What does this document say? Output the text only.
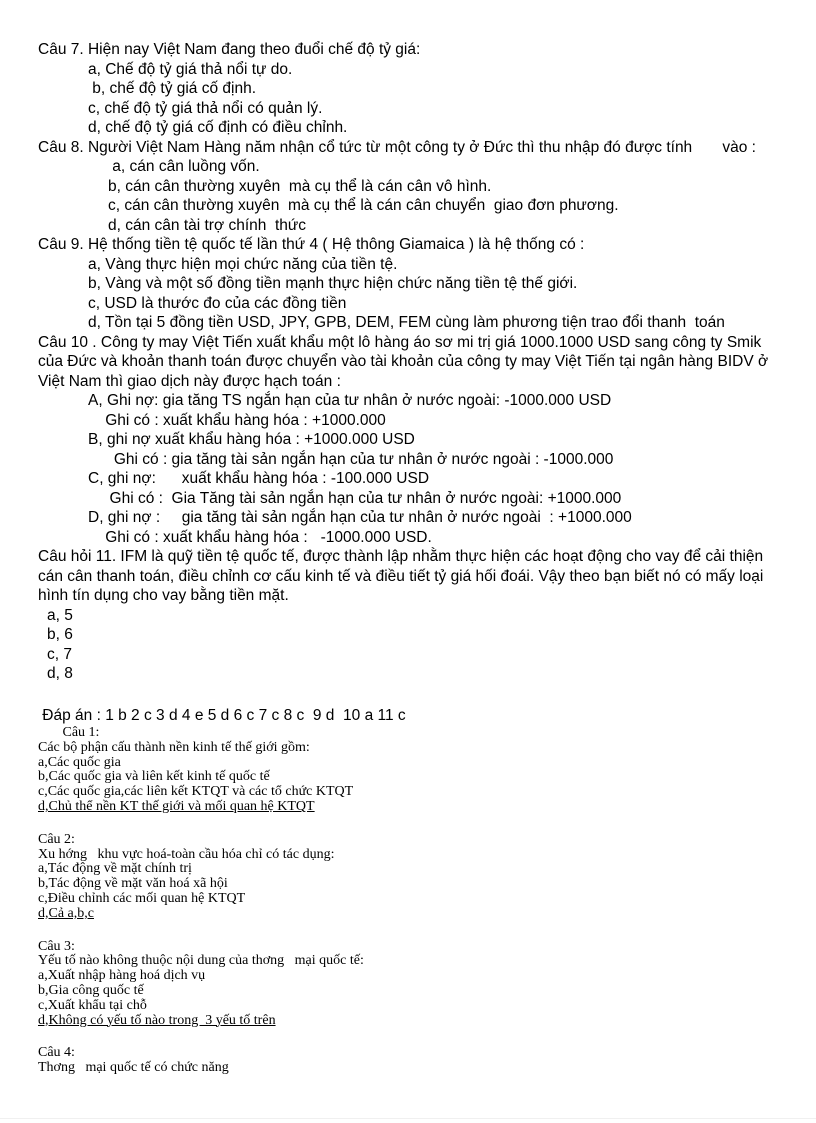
Câu 7. Hiện nay Việt Nam đang theo đuổi chế độ tỷ giá:
a, Chế độ tỷ giá thả nổi tự do.
b, chế độ tỷ giá cố định.
c, chế độ tỷ giá thả nổi có quản lý.
d, chế độ tỷ giá cố định có điều chỉnh.
Câu 8. Người Việt Nam Hàng năm nhận cổ tức từ một công ty ở Đức thì thu nhập đó được tính       vào :
a, cán cân luồng vốn.
b, cán cân thường xuyên  mà cụ thể là cán cân vô hình.
c, cán cân thường xuyên  mà cụ thể là cán cân chuyển  giao đơn phương.
d, cán cân tài trợ chính  thức
Câu 9. Hệ thống tiền tệ quốc tế lần thứ 4 ( Hệ thông Giamaica ) là hệ thống có :
a, Vàng thực hiện mọi chức năng của tiền tệ.
b, Vàng và một số đồng tiền mạnh thực hiện chức năng tiền tệ thế giới.
c, USD là thước đo của các đồng tiền
d, Tồn tại 5 đồng tiền USD, JPY, GPB, DEM, FEM cùng làm phương tiện trao đổi thanh  toán
Câu 10 . Công ty may Việt Tiến xuất khẩu một lô hàng áo sơ mi trị giá 1000.1000 USD sang công ty Smik của Đức và khoản thanh toán được chuyển vào tài khoản của công ty may Việt Tiến tại ngân hàng BIDV ở Việt Nam thì giao dịch này được hạch toán :
A, Ghi nợ: gia tăng TS ngắn hạn của tư nhân ở nước ngoài: -1000.000 USD
Ghi có : xuất khẩu hàng hóa : +1000.000
B, ghi nợ xuất khẩu hàng hóa : +1000.000 USD
Ghi có : gia tăng tài sản ngắn hạn của tư nhân ở nước ngoài : -1000.000
C, ghi nợ:      xuất khẩu hàng hóa : -100.000 USD
Ghi có :  Gia Tăng tài sản ngắn hạn của tư nhân ở nước ngoài: +1000.000
D, ghi nợ :     gia tăng tài sản ngắn hạn của tư nhân ở nước ngoài  : +1000.000
Ghi có : xuất khẩu hàng hóa :   -1000.000 USD.
Câu hỏi 11. IFM là quỹ tiền tệ quốc tế, được thành lập nhằm thực hiện các hoạt động cho vay để cải thiện cán cân thanh toán, điều chỉnh cơ cấu kinh tế và điều tiết tỷ giá hối đoái. Vậy theo bạn biết nó có mấy loại hình tín dụng cho vay bằng tiền mặt.
a, 5
b, 6
c, 7
d, 8
Đáp án : 1 b 2 c 3 d 4 e 5 d 6 c 7 c 8 c  9 d  10 a 11 c
Câu 1:
Các bộ phận cấu thành nền kinh tế thế giới gồm:
a,Các quốc gia
b,Các quốc gia và liên kết kinh tế quốc tế
c,Các quốc gia,các liên kết KTQT và các tổ chức KTQT
d,Chủ thể nền KT thế giới và mối quan hệ KTQT
Câu 2:
Xu hớng   khu vực hoá-toàn cầu hóa chỉ có tác dụng:
a,Tác động về mặt chính trị
b,Tác động về mặt văn hoá xã hội
c,Điều chỉnh các mối quan hệ KTQT
d,Cả a,b,c
Câu 3:
Yếu tố nào không thuộc nội dung của thơng   mại quốc tế:
a,Xuất nhập hàng hoá dịch vụ
b,Gia công quốc tế
c,Xuất khẩu tại chỗ
d,Không có yếu tố nào trong  3 yếu tố trên
Câu 4:
Thơng   mại quốc tế có chức năng
